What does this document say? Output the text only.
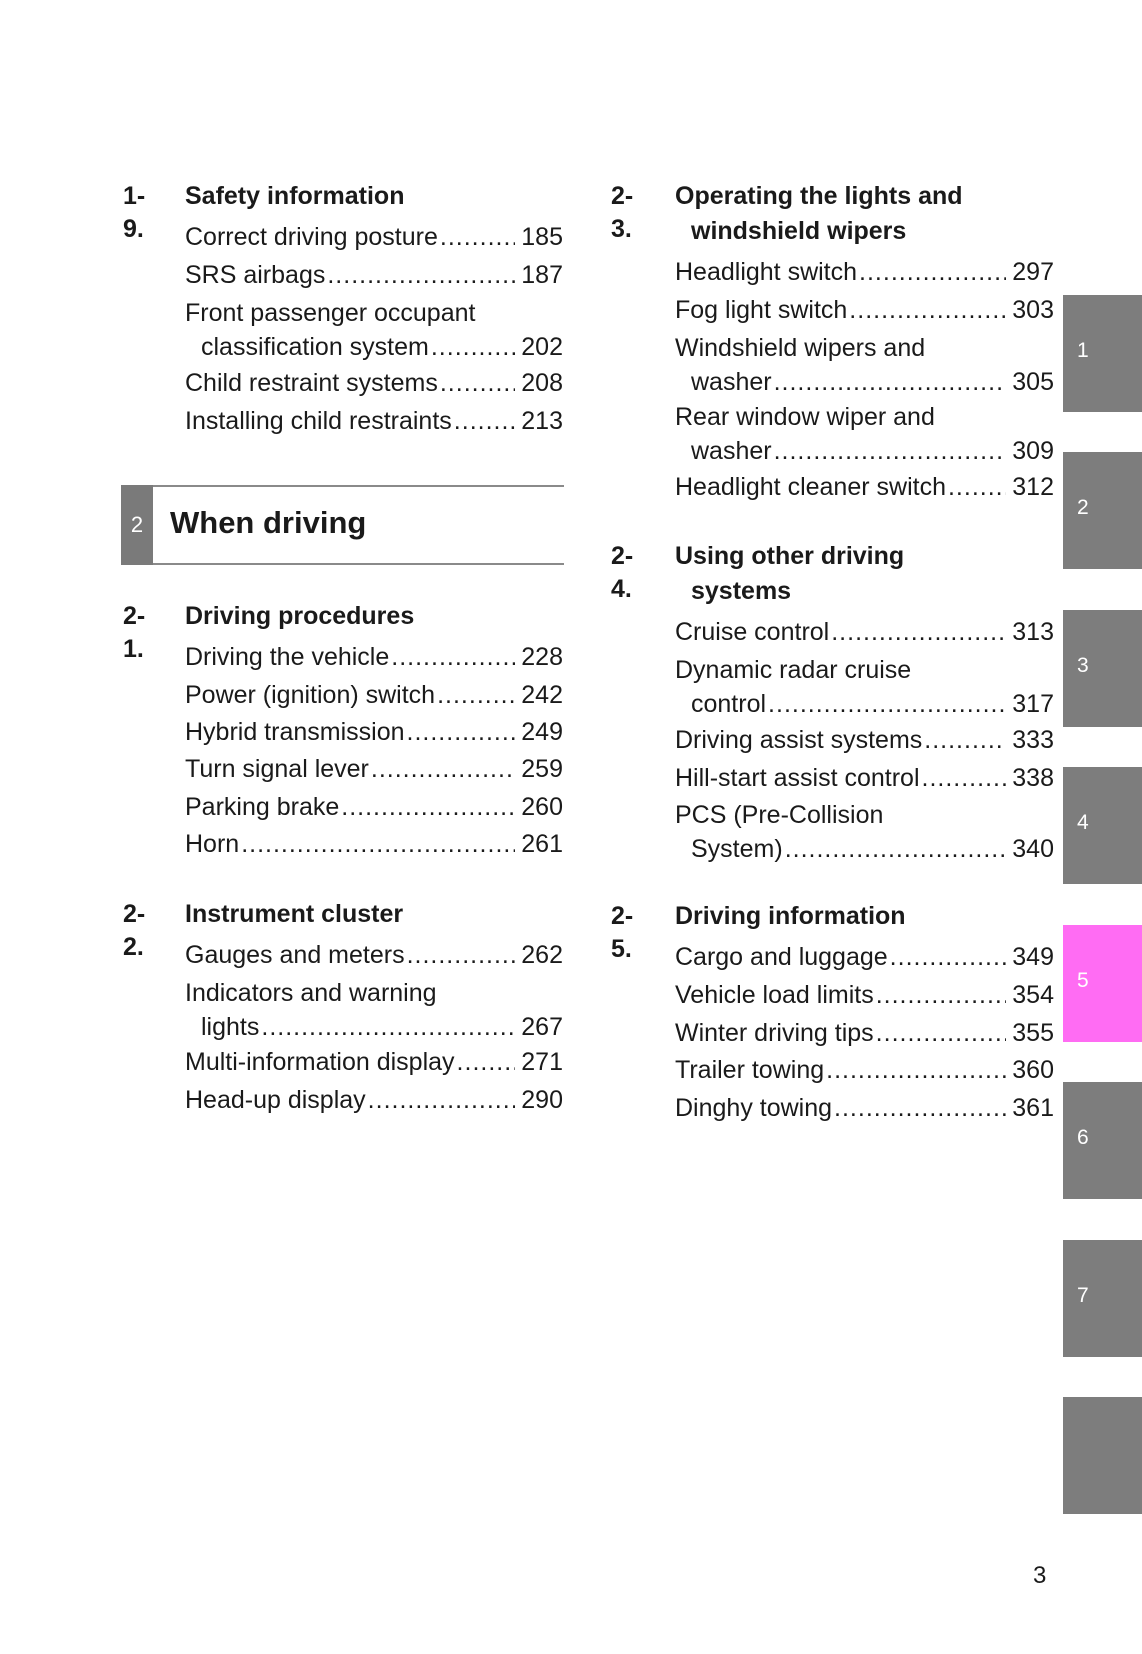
1-9.
Safety information
Correct driving posture .....	185
SRS airbags .....	187
Front passenger occupant
classification system .....	202
Child restraint systems .....	208
Installing child restraints .....	213
2 When driving
2-1.
Driving procedures
Driving the vehicle .....	228
Power (ignition) switch .....	242
Hybrid transmission .....	249
Turn signal lever .....	259
Parking brake .....	260
Horn .....	261
2-2.
Instrument cluster
Gauges and meters .....	262
Indicators and warning
lights .....	267
Multi-information display .....	271
Head-up display .....	290
2-3.
Operating the lights and
windshield wipers
Headlight switch .....	297
Fog light switch .....	303
Windshield wipers and
washer .....	305
Rear window wiper and
washer .....	309
Headlight cleaner switch .....	312
2-4.
Using other driving
systems
Cruise control .....	313
Dynamic radar cruise
control .....	317
Driving assist systems .....	333
Hill-start assist control .....	338
PCS (Pre-Collision
System) .....	340
2-5.
Driving information
Cargo and luggage .....	349
Vehicle load limits .....	354
Winter driving tips .....	355
Trailer towing .....	360
Dinghy towing .....	361
1
2
3
4
5
6
7
3
